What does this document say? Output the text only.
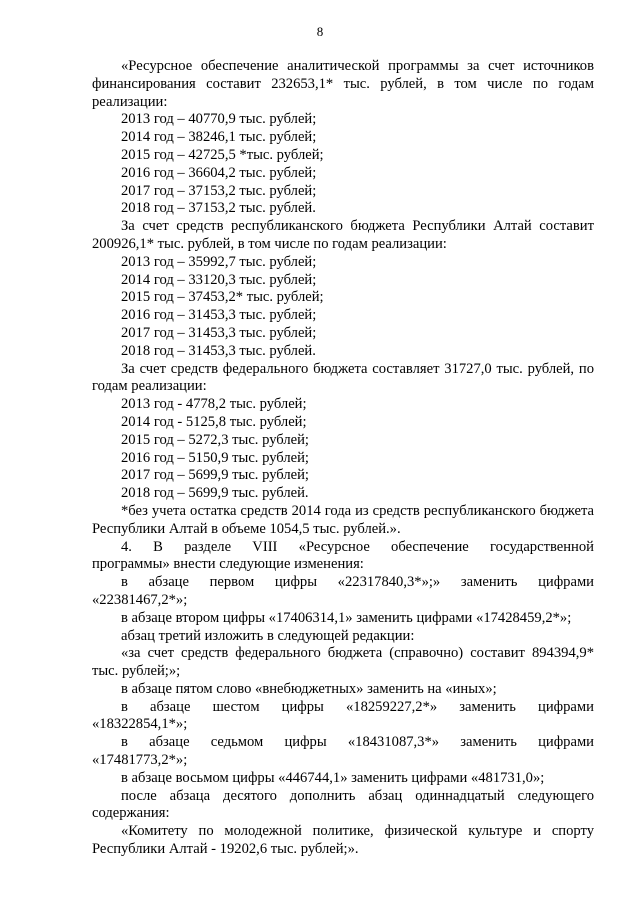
8

«Ресурсное обеспечение аналитической программы за счет источников финансирования составит 232653,1* тыс. рублей, в том числе по годам реализации:

2013 год – 40770,9 тыс. рублей;

2014 год – 38246,1 тыс. рублей;

2015 год – 42725,5 *тыс. рублей;

2016 год – 36604,2 тыс. рублей;

2017 год – 37153,2 тыс. рублей;

2018 год – 37153,2 тыс. рублей.

За счет средств республиканского бюджета Республики Алтай составит 200926,1* тыс. рублей, в том числе по годам реализации:

2013 год – 35992,7 тыс. рублей;

2014 год – 33120,3 тыс. рублей;

2015 год – 37453,2* тыс. рублей;

2016 год – 31453,3 тыс. рублей;

2017 год – 31453,3 тыс. рублей;

2018 год – 31453,3 тыс. рублей.

За счет средств федерального бюджета составляет 31727,0 тыс. рублей, по годам реализации:

2013 год - 4778,2 тыс. рублей;

2014 год - 5125,8 тыс. рублей;

2015 год – 5272,3 тыс. рублей;

2016 год – 5150,9 тыс. рублей;

2017 год – 5699,9 тыс. рублей;

2018 год – 5699,9 тыс. рублей.

*без учета остатка средств 2014 года из средств республиканского бюджета Республики Алтай в объеме 1054,5 тыс. рублей.».

4. В разделе VIII «Ресурсное обеспечение государственной

программы» внести следующие изменения:

в абзаце первом цифры «22317840,3*»;» заменить цифрами

«22381467,2*»;

в абзаце втором цифры «17406314,1» заменить цифрами «17428459,2*»;

абзац третий изложить в следующей редакции:

«за счет средств федерального бюджета (справочно) составит 894394,9* тыс. рублей;»;

в абзаце пятом слово «внебюджетных» заменить на «иных»;

в абзаце шестом цифры «18259227,2*» заменить цифрами

«18322854,1*»;

в абзаце седьмом цифры «18431087,3*» заменить цифрами

«17481773,2*»;

в абзаце восьмом цифры «446744,1» заменить цифрами «481731,0»;

после абзаца десятого дополнить абзац одиннадцатый следующего содержания:

«Комитету по молодежной политике, физической культуре и спорту Республики Алтай - 19202,6 тыс. рублей;».
